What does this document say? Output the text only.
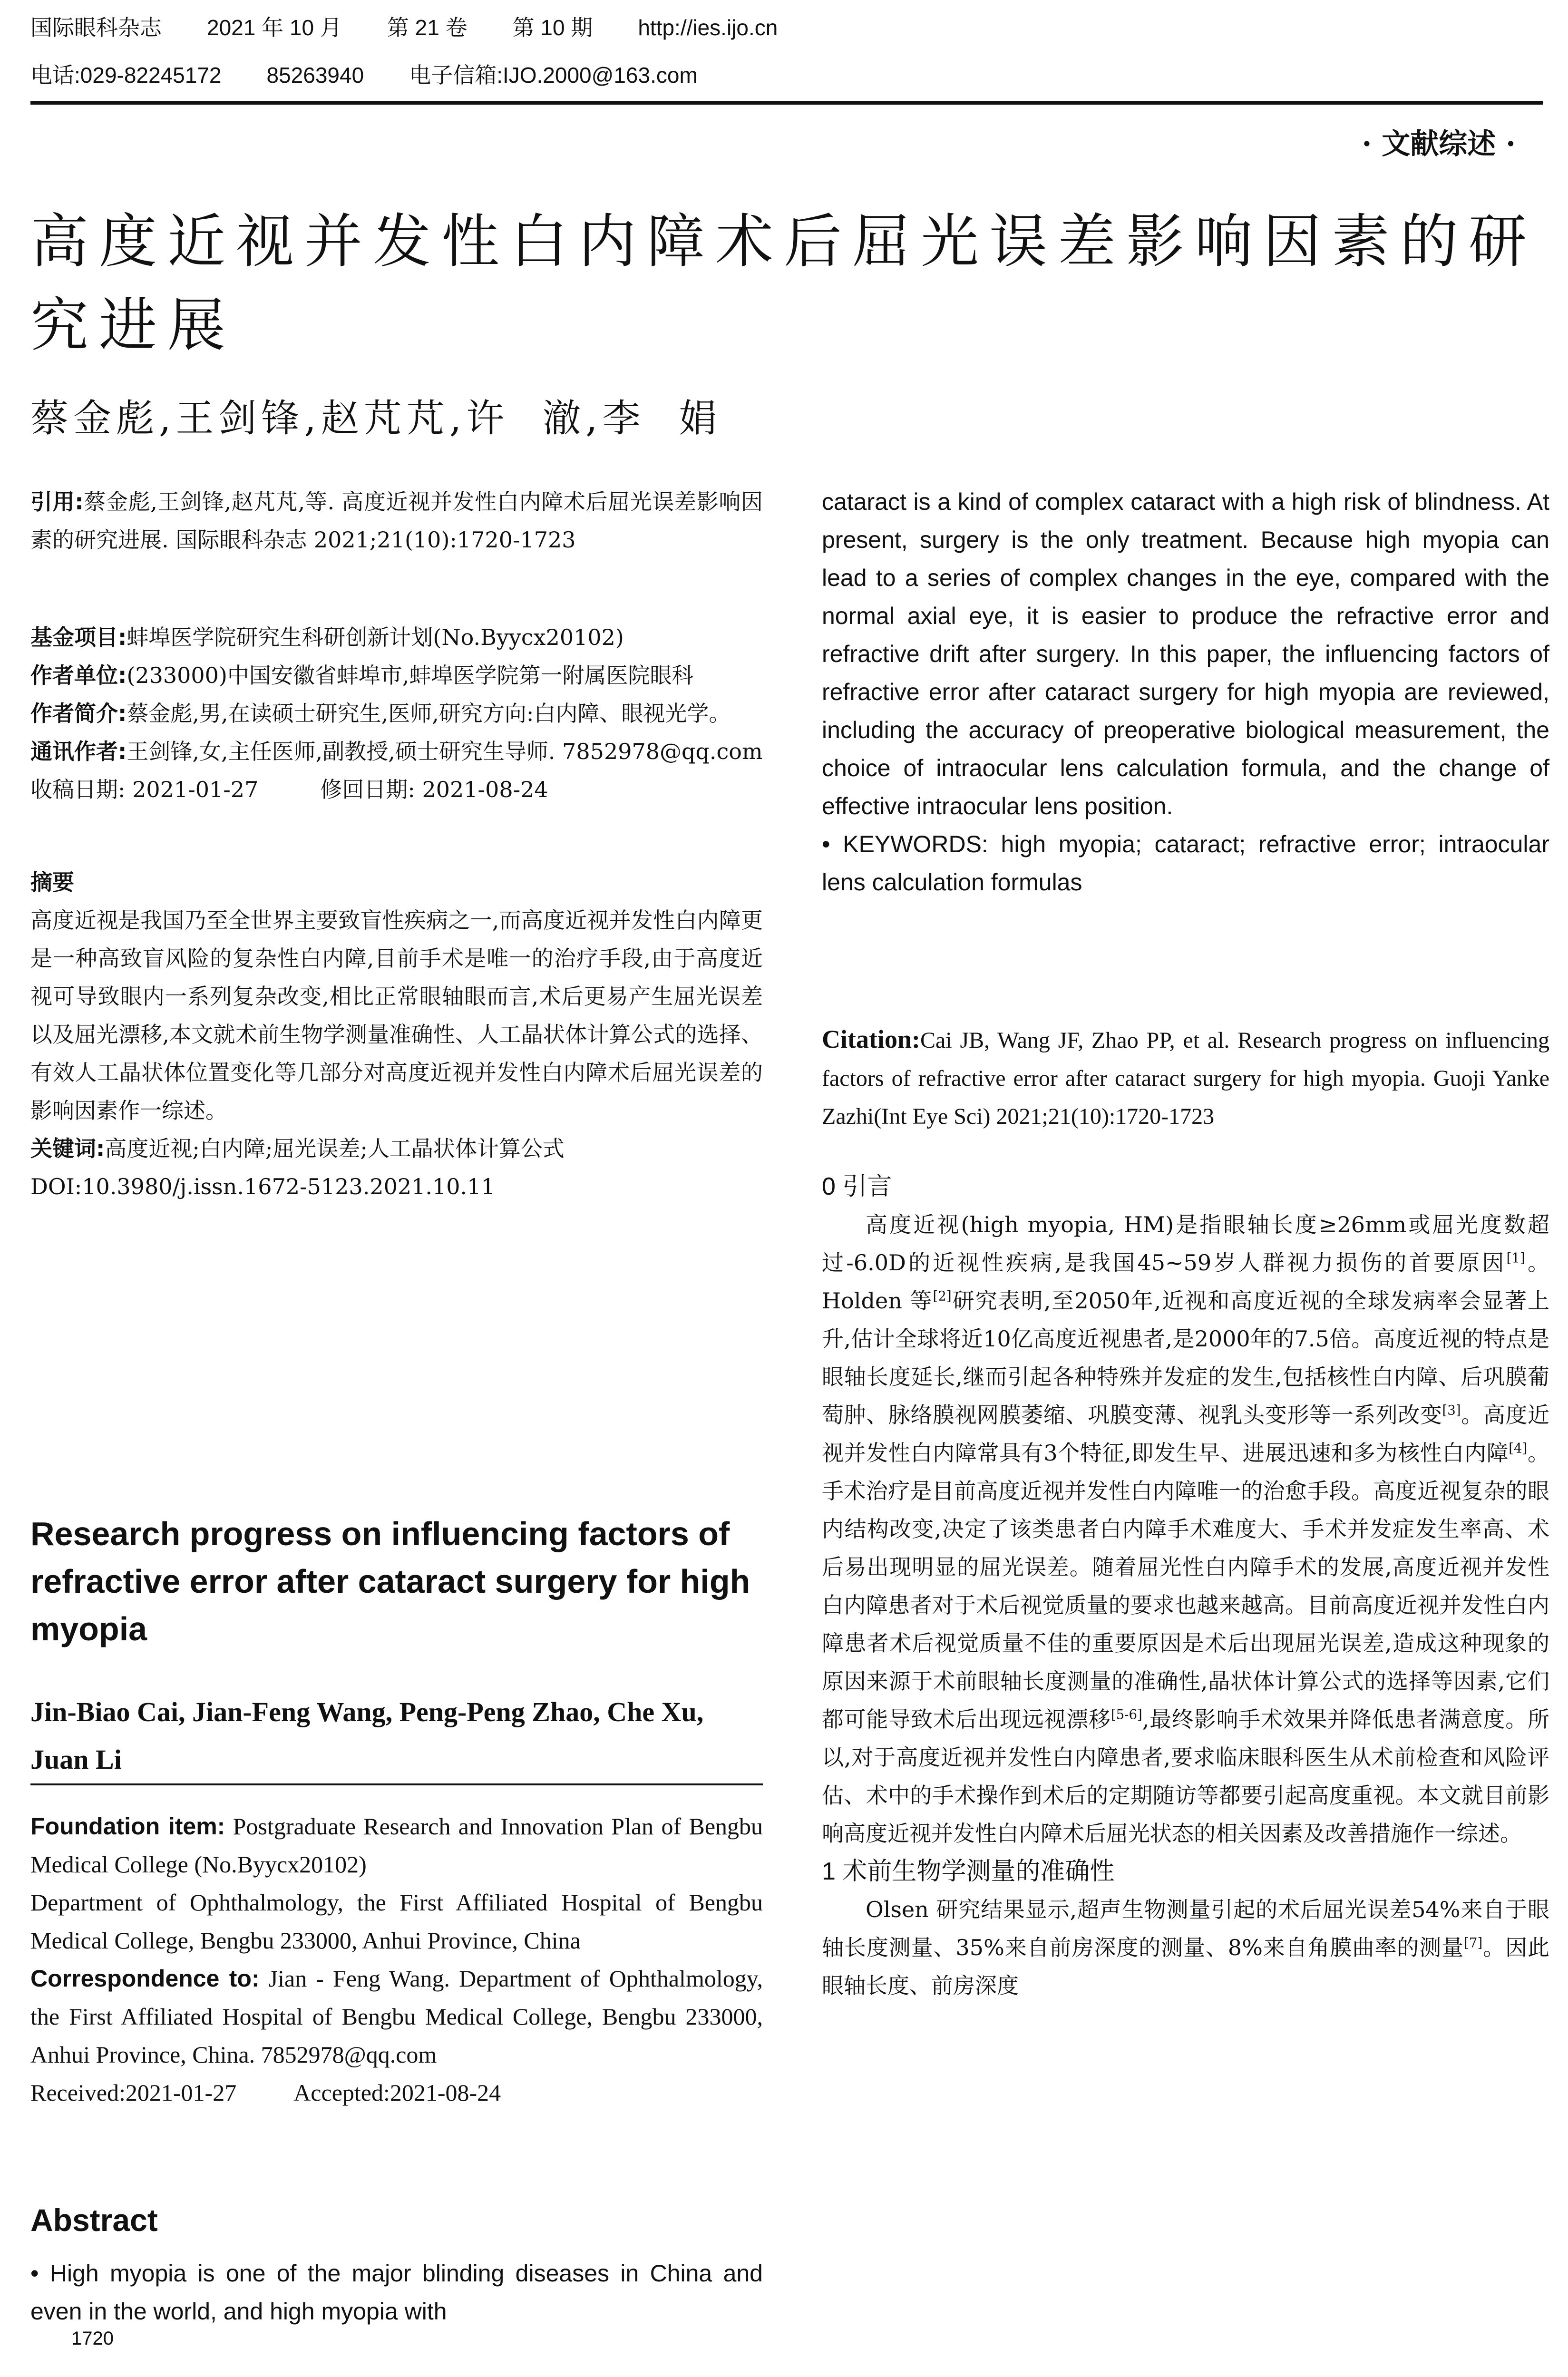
国际眼科杂志 2021 年 10 月 第 21 卷 第 10 期 http://ies.ijo.cn
电话:029-82245172 85263940 电子信箱:IJO.2000@163.com
· 文献综述 ·
高度近视并发性白内障术后屈光误差影响因素的研究进展
蔡金彪,王剑锋,赵芃芃,许  澈,李  娟
引用:蔡金彪,王剑锋,赵芃芃,等. 高度近视并发性白内障术后屈光误差影响因素的研究进展. 国际眼科杂志 2021;21(10):1720-1723
基金项目:蚌埠医学院研究生科研创新计划(No.Byycx20102)
作者单位:(233000)中国安徽省蚌埠市,蚌埠医学院第一附属医院眼科
作者简介:蔡金彪,男,在读硕士研究生,医师,研究方向:白内障、眼视光学。
通讯作者:王剑锋,女,主任医师,副教授,硕士研究生导师. 7852978@qq.com
收稿日期: 2021-01-27	修回日期: 2021-08-24
摘要
高度近视是我国乃至全世界主要致盲性疾病之一,而高度近视并发性白内障更是一种高致盲风险的复杂性白内障,目前手术是唯一的治疗手段,由于高度近视可导致眼内一系列复杂改变,相比正常眼轴眼而言,术后更易产生屈光误差以及屈光漂移,本文就术前生物学测量准确性、人工晶状体计算公式的选择、有效人工晶状体位置变化等几部分对高度近视并发性白内障术后屈光误差的影响因素作一综述。
关键词:高度近视;白内障;屈光误差;人工晶状体计算公式
DOI:10.3980/j.issn.1672-5123.2021.10.11
Research progress on influencing factors of refractive error after cataract surgery for high myopia
Jin-Biao Cai, Jian-Feng Wang, Peng-Peng Zhao, Che Xu, Juan Li
Foundation item: Postgraduate Research and Innovation Plan of Bengbu Medical College (No.Byycx20102)
Department of Ophthalmology, the First Affiliated Hospital of Bengbu Medical College, Bengbu 233000, Anhui Province, China
Correspondence to: Jian - Feng Wang. Department of Ophthalmology, the First Affiliated Hospital of Bengbu Medical College, Bengbu 233000, Anhui Province, China. 7852978@qq.com
Received:2021-01-27 Accepted:2021-08-24
Abstract
• High myopia is one of the major blinding diseases in China and even in the world, and high myopia with
1720
cataract is a kind of complex cataract with a high risk of blindness. At present, surgery is the only treatment. Because high myopia can lead to a series of complex changes in the eye, compared with the normal axial eye, it is easier to produce the refractive error and refractive drift after surgery. In this paper, the influencing factors of refractive error after cataract surgery for high myopia are reviewed, including the accuracy of preoperative biological measurement, the choice of intraocular lens calculation formula, and the change of effective intraocular lens position.
• KEYWORDS: high myopia; cataract; refractive error; intraocular lens calculation formulas
Citation:Cai JB, Wang JF, Zhao PP, et al. Research progress on influencing factors of refractive error after cataract surgery for high myopia. Guoji Yanke Zazhi(Int Eye Sci) 2021;21(10):1720-1723
0 引言

高度近视(high myopia, HM)是指眼轴长度≥26mm或屈光度数超过-6.0D的近视性疾病,是我国45~59岁人群视力损伤的首要原因[1]。Holden 等[2]研究表明,至2050年,近视和高度近视的全球发病率会显著上升,估计全球将近10亿高度近视患者,是2000年的7.5倍。高度近视的特点是眼轴长度延长,继而引起各种特殊并发症的发生,包括核性白内障、后巩膜葡萄肿、脉络膜视网膜萎缩、巩膜变薄、视乳头变形等一系列改变[3]。高度近视并发性白内障常具有3个特征,即发生早、进展迅速和多为核性白内障[4]。手术治疗是目前高度近视并发性白内障唯一的治愈手段。高度近视复杂的眼内结构改变,决定了该类患者白内障手术难度大、手术并发症发生率高、术后易出现明显的屈光误差。随着屈光性白内障手术的发展,高度近视并发性白内障患者对于术后视觉质量的要求也越来越高。目前高度近视并发性白内障患者术后视觉质量不佳的重要原因是术后出现屈光误差,造成这种现象的原因来源于术前眼轴长度测量的准确性,晶状体计算公式的选择等因素,它们都可能导致术后出现远视漂移[5-6],最终影响手术效果并降低患者满意度。所以,对于高度近视并发性白内障患者,要求临床眼科医生从术前检查和风险评估、术中的手术操作到术后的定期随访等都要引起高度重视。本文就目前影响高度近视并发性白内障术后屈光状态的相关因素及改善措施作一综述。

1 术前生物学测量的准确性

Olsen 研究结果显示,超声生物测量引起的术后屈光误差54%来自于眼轴长度测量、35%来自前房深度的测量、8%来自角膜曲率的测量[7]。因此眼轴长度、前房深度
